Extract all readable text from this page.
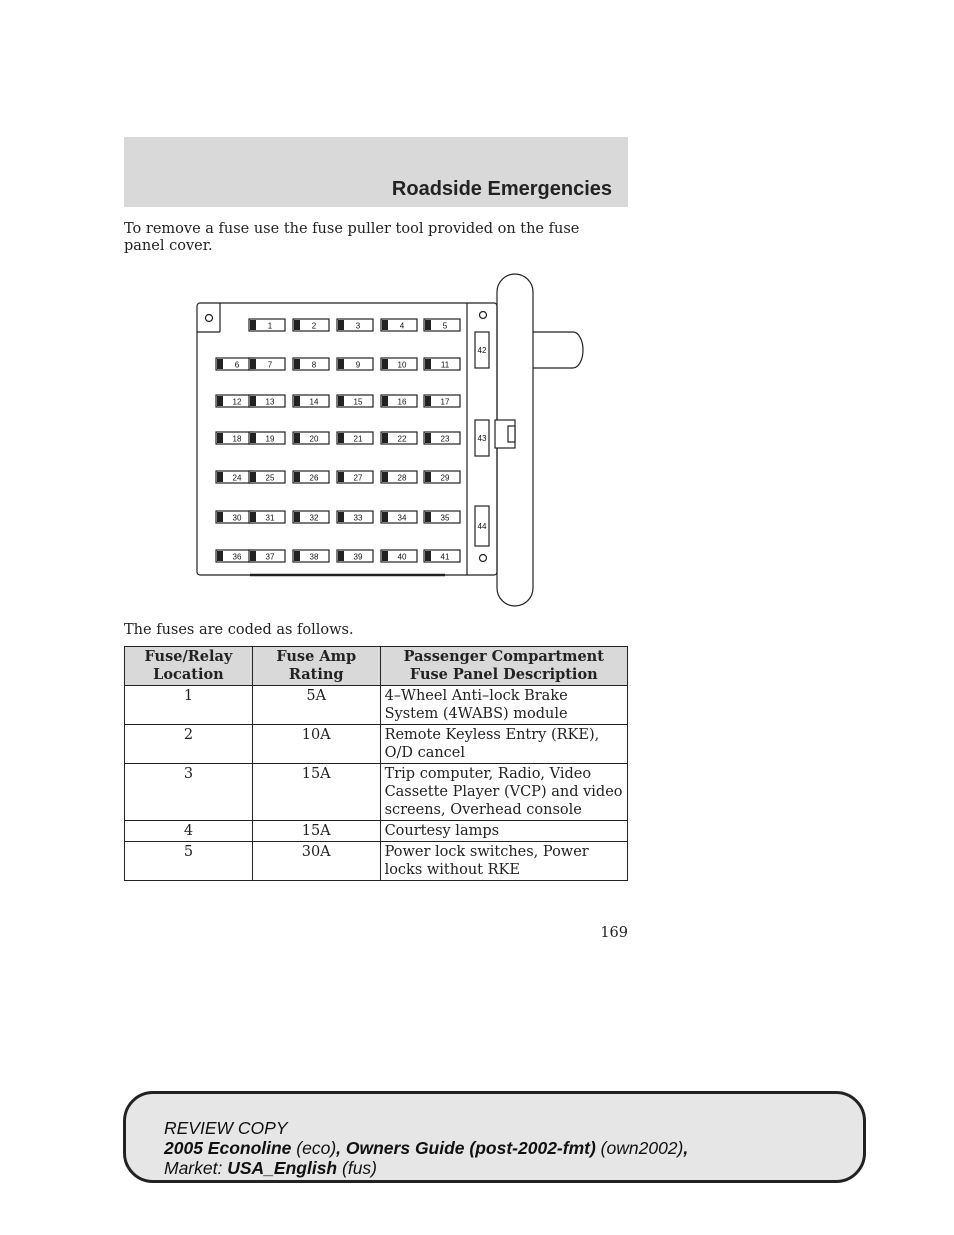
Roadside Emergencies
To remove a fuse use the fuse puller tool provided on the fuse panel cover.
1	2	3	4	5
6	7	8	9	10	11
12	13	14	15	16	17
18	19	20	21	22	23
24	25	26	27	28	29
30	31	32	33	34	35
36	37	38	39	40	41
42
43
44
The fuses are coded as follows.
Fuse/Relay Location	Fuse Amp Rating	Passenger Compartment Fuse Panel Description
1	5A	4–Wheel Anti–lock Brake System (4WABS) module
2	10A	Remote Keyless Entry (RKE), O/D cancel
3	15A	Trip computer, Radio, Video Cassette Player (VCP) and video screens, Overhead console
4	15A	Courtesy lamps
5	30A	Power lock switches, Power locks without RKE
169
REVIEW COPY
2005 Econoline (eco), Owners Guide (post-2002-fmt) (own2002),
Market: USA_English (fus)
